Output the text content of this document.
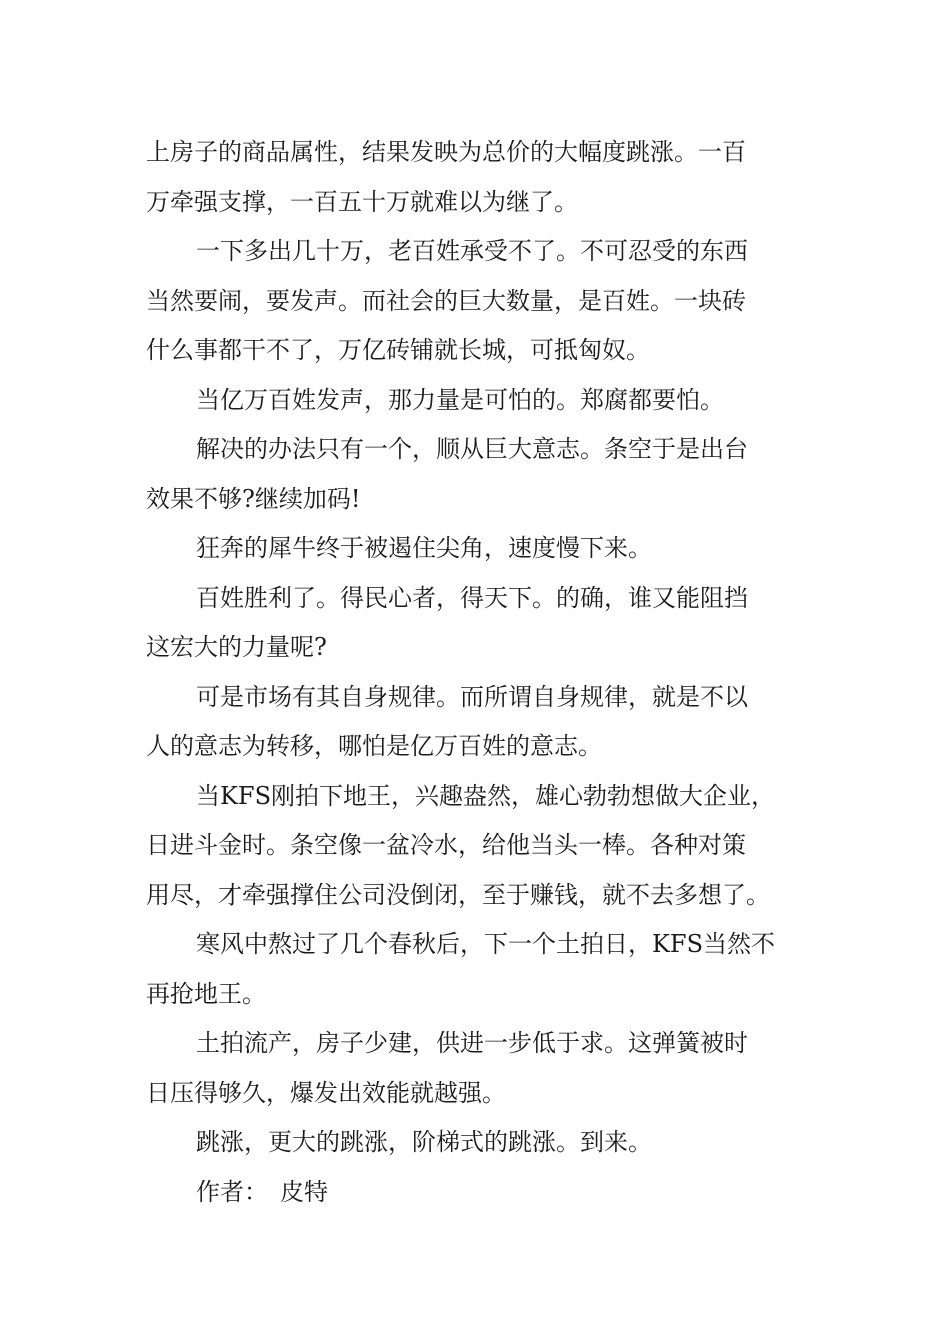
上房子的商品属性，结果发映为总价的大幅度跳涨。一百
万牵强支撑，一百五十万就难以为继了。
一下多出几十万，老百姓承受不了。不可忍受的东西
当然要闹，要发声。而社会的巨大数量，是百姓。一块砖
什么事都干不了，万亿砖铺就长城，可抵匈奴。
当亿万百姓发声，那力量是可怕的。郑腐都要怕。
解决的办法只有一个，顺从巨大意志。条空于是出台
效果不够?继续加码!
狂奔的犀牛终于被遏住尖角，速度慢下来。
百姓胜利了。得民心者，得天下。的确，谁又能阻挡
这宏大的力量呢?
可是市场有其自身规律。而所谓自身规律，就是不以
人的意志为转移，哪怕是亿万百姓的意志。
当KFS刚拍下地王，兴趣盎然，雄心勃勃想做大企业，
日进斗金时。条空像一盆冷水，给他当头一棒。各种对策
用尽，才牵强撑住公司没倒闭，至于赚钱，就不去多想了。
寒风中熬过了几个春秋后，下一个土拍日，KFS当然不
再抢地王。
土拍流产，房子少建，供进一步低于求。这弹簧被时
日压得够久，爆发出效能就越强。
跳涨，更大的跳涨，阶梯式的跳涨。到来。
作者：　皮特
